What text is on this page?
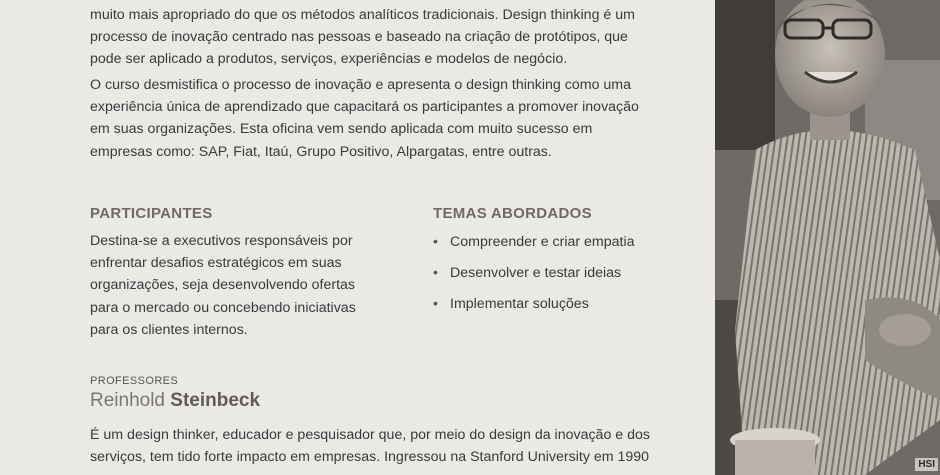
muito mais apropriado do que os métodos analíticos tradicionais. Design thinking é um
processo de inovação centrado nas pessoas e baseado na criação de protótipos, que
pode ser aplicado a produtos, serviços, experiências e modelos de negócio.

O curso desmistifica o processo de inovação e apresenta o design thinking como uma
experiência única de aprendizado que capacitará os participantes a promover inovação
em suas organizações. Esta oficina vem sendo aplicada com muito sucesso em
empresas como: SAP, Fiat, Itaú, Grupo Positivo, Alpargatas, entre outras.

PARTICIPANTES

Destina-se a executivos responsáveis por
enfrentar desafios estratégicos em suas
organizações, seja desenvolvendo ofertas
para o mercado ou concebendo iniciativas
para os clientes internos.

TEMAS ABORDADOS
• Compreender e criar empatia
• Desenvolver e testar ideias
• Implementar soluções
PROFESSORES
Reinhold Steinbeck

É um design thinker, educador e pesquisador que, por meio do design da inovação e dos
serviços, tem tido forte impacto em empresas. Ingressou na Stanford University em 1990	HSI
